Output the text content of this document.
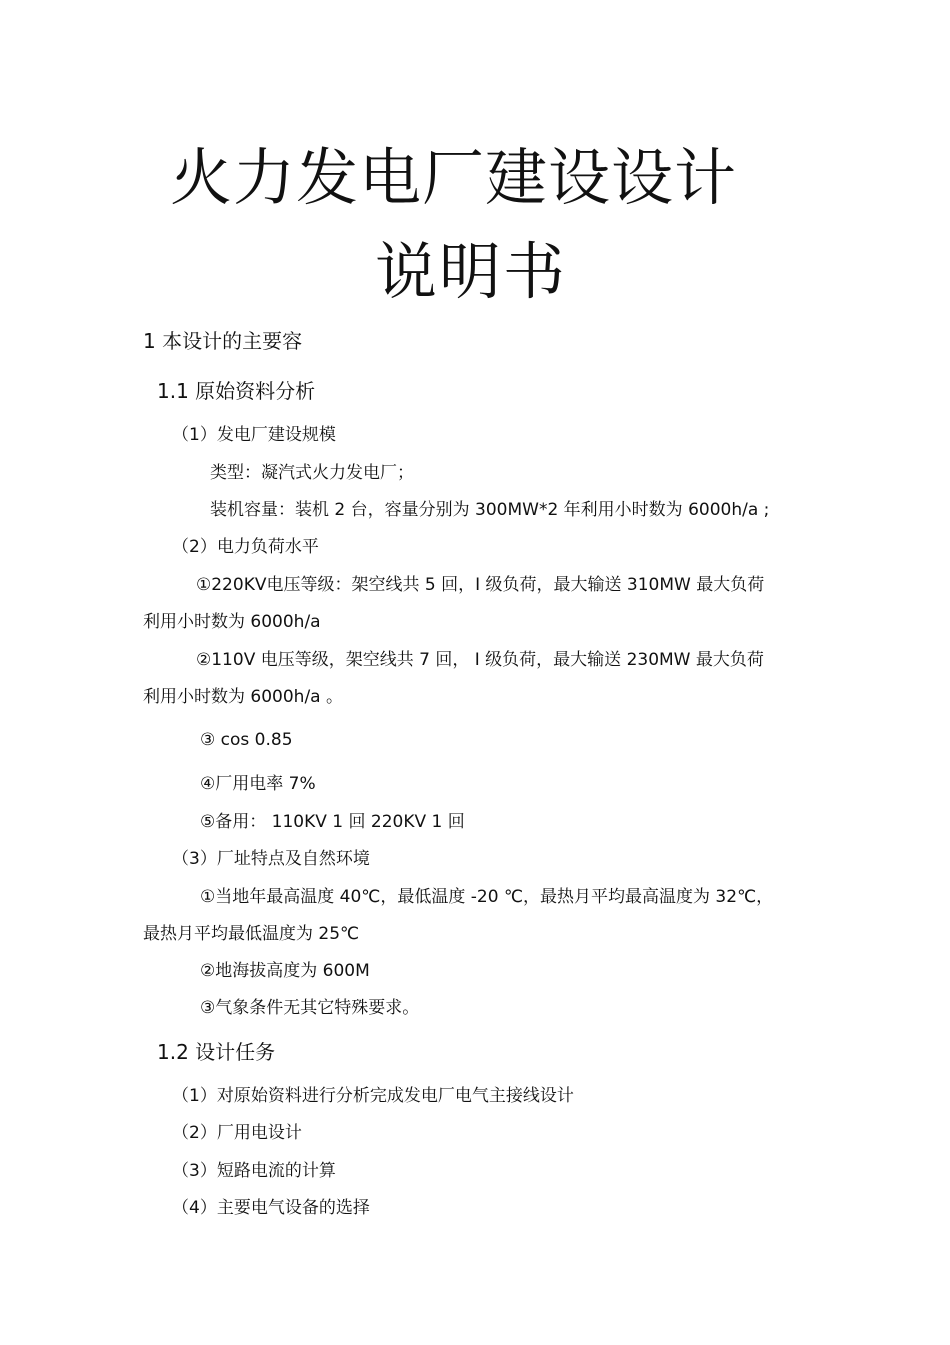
火力发电厂建设设计
说明书
1 本设计的主要容
1.1 原始资料分析
（1）发电厂建设规模
类型：凝汽式火力发电厂；
装机容量：装机 2 台，容量分别为 300MW*2 年利用小时数为 6000h/a ;
（2）电力负荷水平
①220KV电压等级：架空线共 5 回，Ⅰ 级负荷，最大输送 310MW 最大负荷
利用小时数为 6000h/a
②110V 电压等级，架空线共 7 回， Ⅰ 级负荷，最大输送 230MW 最大负荷
利用小时数为 6000h/a 。
③ cos 0.85
④厂用电率 7%
⑤备用： 110KV 1 回 220KV 1 回
（3）厂址特点及自然环境
①当地年最高温度 40℃，最低温度 -20 ℃，最热月平均最高温度为 32℃，
最热月平均最低温度为 25℃
②地海拔高度为 600M
③气象条件无其它特殊要求。
1.2 设计任务
（1）对原始资料进行分析完成发电厂电气主接线设计
（2）厂用电设计
（3）短路电流的计算
（4）主要电气设备的选择
